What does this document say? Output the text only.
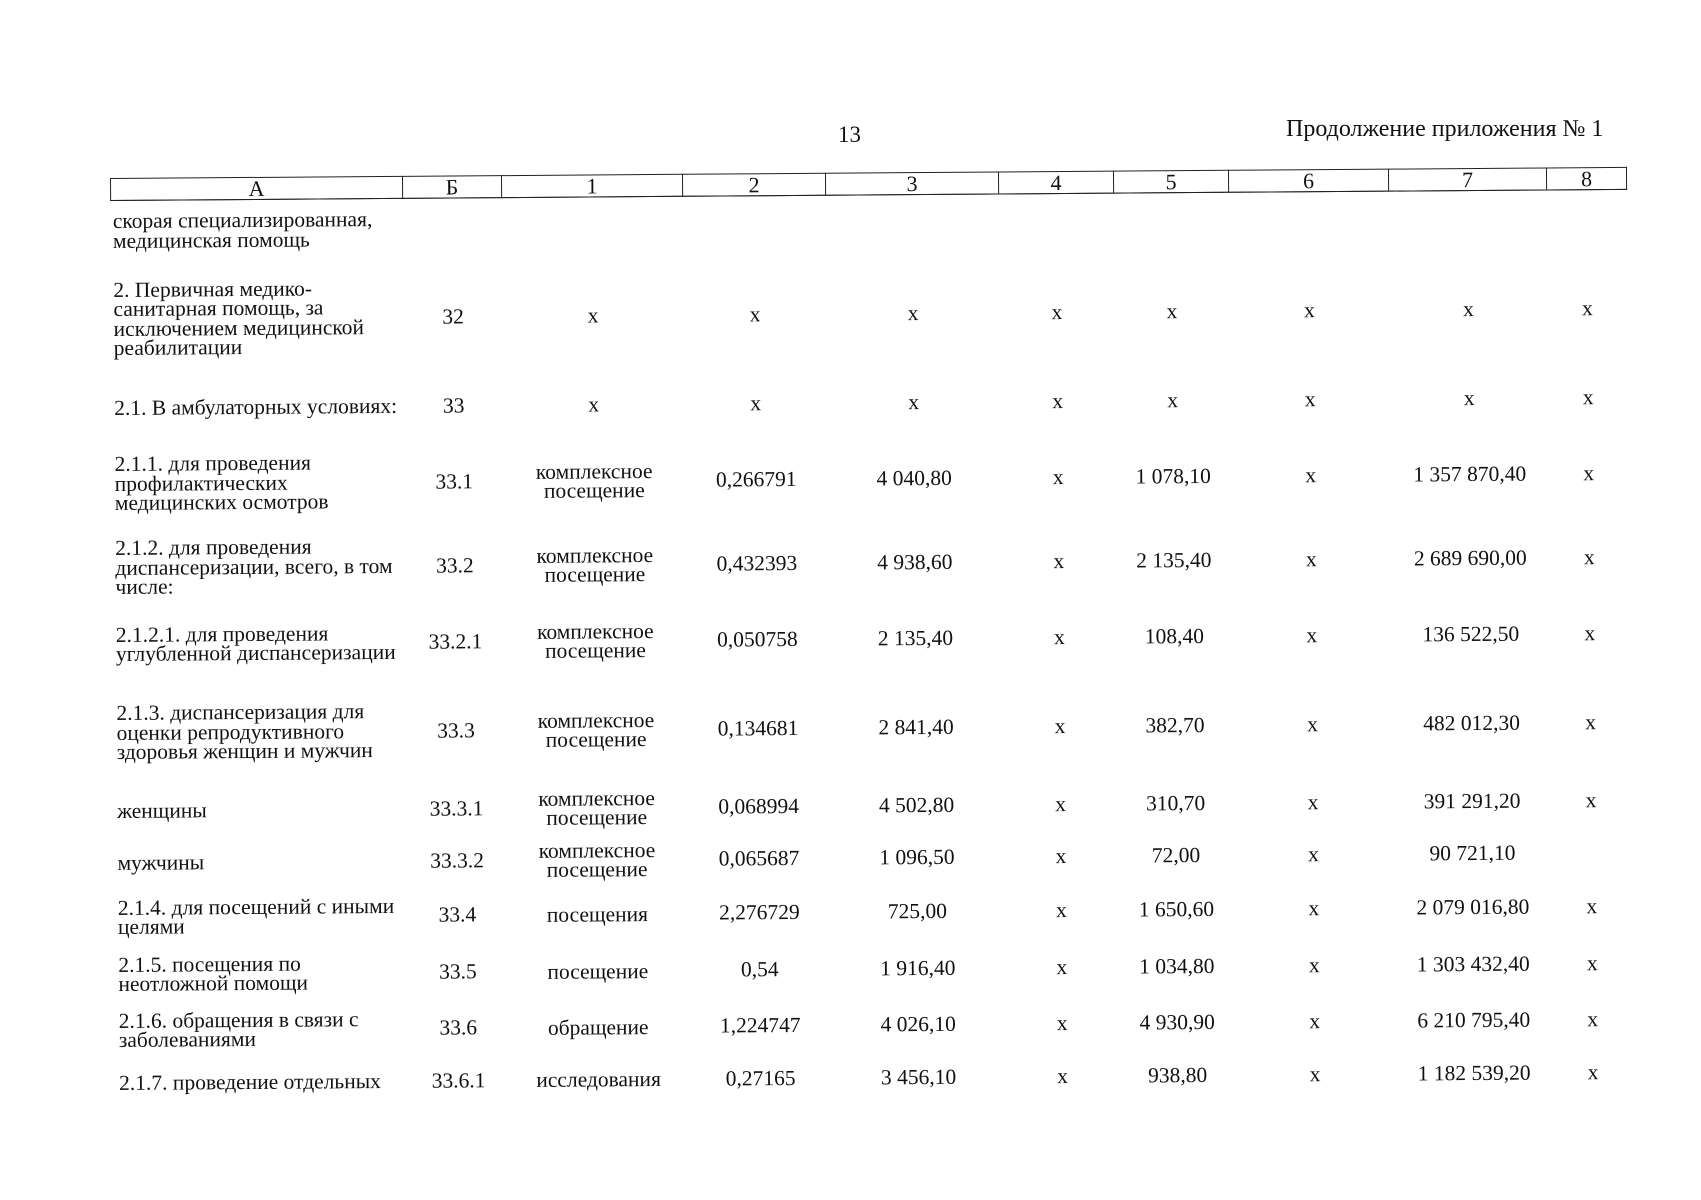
13	Продолжение приложения № 1
А	Б	1	2	3	4	5	6	7	8
скорая специализированная, медицинская помощь									
2. Первичная медико-санитарная помощь, за исключением медицинской реабилитации	32	х	х	х	х	х	х	х	х
2.1. В амбулаторных условиях:	33	х	х	х	х	х	х	х	х
2.1.1. для проведения профилактических медицинских осмотров	33.1	комплексное посещение	0,266791	4 040,80	х	1 078,10	х	1 357 870,40	х
2.1.2. для проведения диспансеризации, всего, в том числе:	33.2	комплексное посещение	0,432393	4 938,60	х	2 135,40	х	2 689 690,00	х
2.1.2.1. для проведения углубленной диспансеризации	33.2.1	комплексное посещение	0,050758	2 135,40	х	108,40	х	136 522,50	х
2.1.3. диспансеризация для оценки репродуктивного здоровья женщин и мужчин	33.3	комплексное посещение	0,134681	2 841,40	х	382,70	х	482 012,30	х
женщины	33.3.1	комплексное посещение	0,068994	4 502,80	х	310,70	х	391 291,20	х
мужчины	33.3.2	комплексное посещение	0,065687	1 096,50	х	72,00	х	90 721,10	
2.1.4. для посещений с иными целями	33.4	посещения	2,276729	725,00	х	1 650,60	х	2 079 016,80	х
2.1.5. посещения по неотложной помощи	33.5	посещение	0,54	1 916,40	х	1 034,80	х	1 303 432,40	х
2.1.6. обращения в связи с заболеваниями	33.6	обращение	1,224747	4 026,10	х	4 930,90	х	6 210 795,40	х
2.1.7. проведение отдельных	33.6.1	исследования	0,27165	3 456,10	х	938,80	х	1 182 539,20	х
